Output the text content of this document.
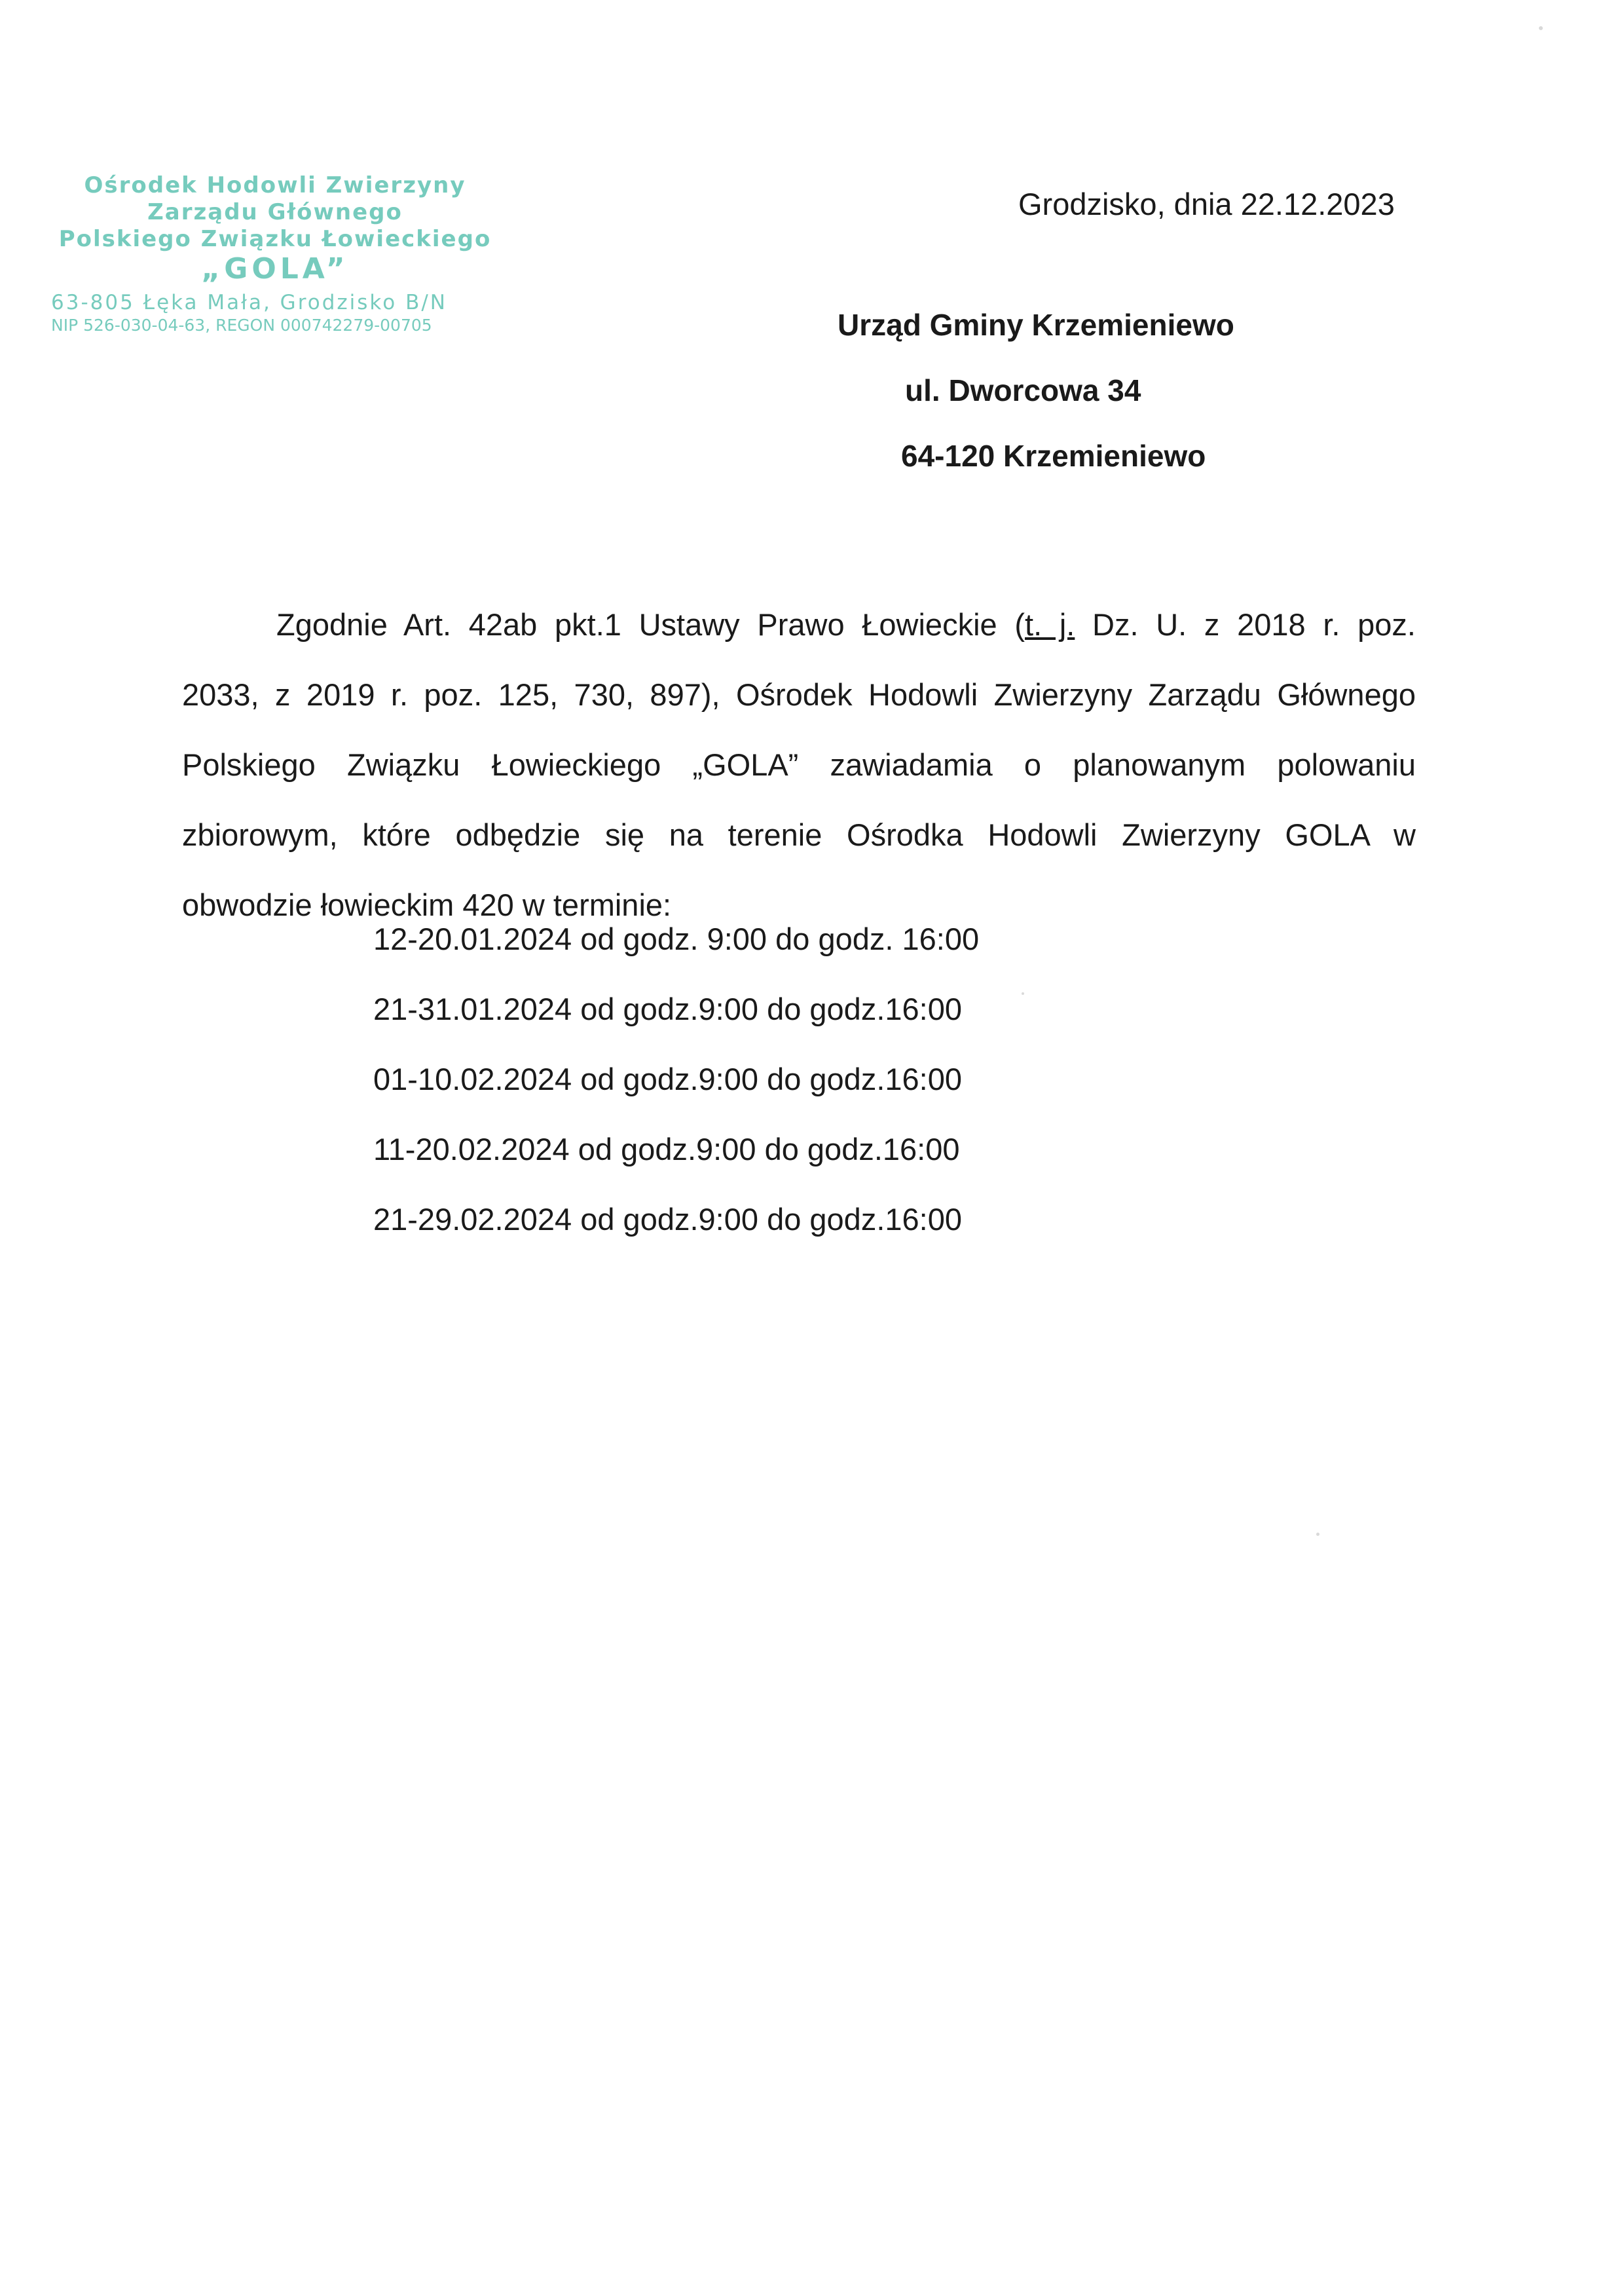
Ośrodek Hodowli Zwierzyny
Zarządu Głównego
Polskiego Związku Łowieckiego
„GOLA”
63-805 Łęka Mała, Grodzisko B/N
NIP 526-030-04-63, REGON 000742279-00705
Grodzisko, dnia 22.12.2023
Urząd Gminy Krzemieniewo
ul. Dworcowa 34
64-120 Krzemieniewo
Zgodnie Art. 42ab pkt.1 Ustawy Prawo Łowieckie (t. j. Dz. U. z 2018 r. poz.
2033, z 2019 r. poz. 125, 730, 897), Ośrodek Hodowli Zwierzyny Zarządu Głównego
Polskiego Związku Łowieckiego „GOLA” zawiadamia o planowanym polowaniu
zbiorowym, które odbędzie się na terenie Ośrodka Hodowli Zwierzyny GOLA w
obwodzie łowieckim 420 w terminie:
12-20.01.2024 od godz. 9:00 do godz. 16:00
21-31.01.2024 od godz.9:00 do godz.16:00
01-10.02.2024 od godz.9:00 do godz.16:00
11-20.02.2024 od godz.9:00 do godz.16:00
21-29.02.2024 od godz.9:00 do godz.16:00
